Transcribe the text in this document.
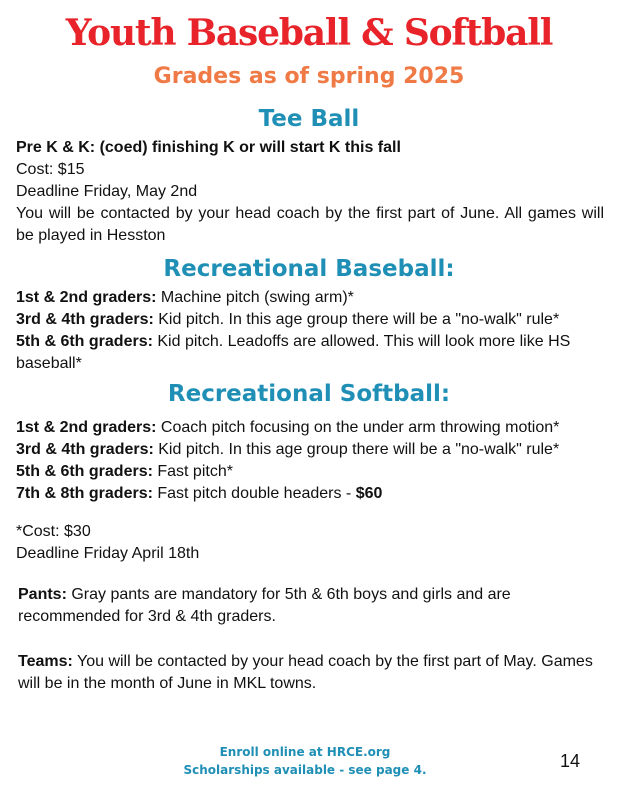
Youth Baseball & Softball
Grades as of spring 2025
Tee Ball
Pre K & K: (coed) finishing K or will start K this fall
Cost: $15
Deadline Friday, May 2nd
You will be contacted by your head coach by the first part of June. All games will be played in Hesston
Recreational Baseball:
1st & 2nd graders: Machine pitch (swing arm)*
3rd & 4th graders: Kid pitch. In this age group there will be a "no-walk" rule*
5th & 6th graders: Kid pitch. Leadoffs are allowed. This will look more like HS baseball*
Recreational Softball:
1st & 2nd graders: Coach pitch focusing on the under arm throwing motion*
3rd & 4th graders: Kid pitch. In this age group there will be a "no-walk" rule*
5th & 6th graders: Fast pitch*
7th & 8th graders: Fast pitch double headers - $60
*Cost: $30
Deadline Friday April 18th
Pants: Gray pants are mandatory for 5th & 6th boys and girls and are recommended for 3rd & 4th graders.
Teams: You will be contacted by your head coach by the first part of May. Games will be in the month of June in MKL towns.
Enroll online at HRCE.org
Scholarships available - see page 4.	14
